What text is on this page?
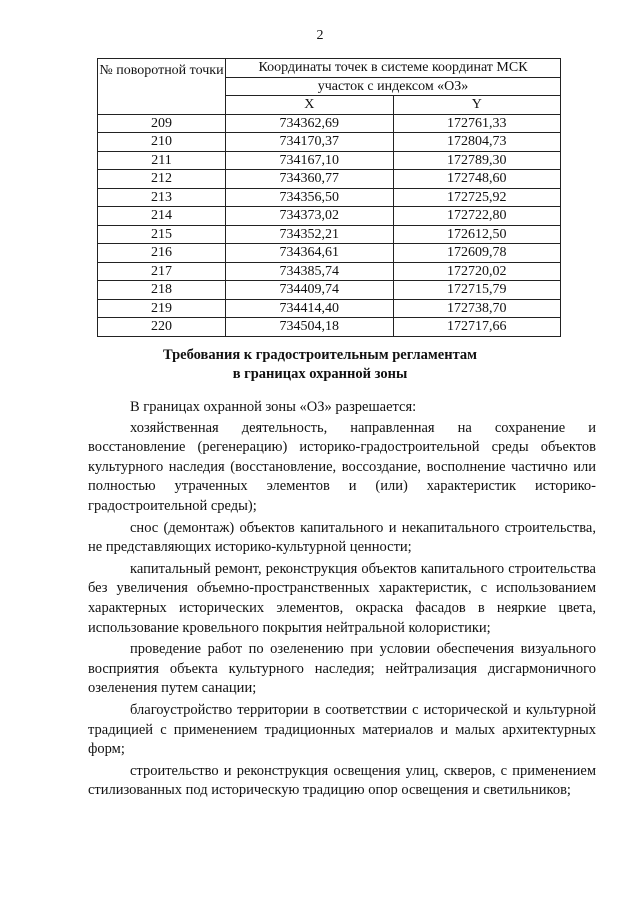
2
№ поворотной точки	Координаты точек в системе координат МСК	
	участок с индексом «ОЗ»	
	X	Y
209	734362,69	172761,33
210	734170,37	172804,73
211	734167,10	172789,30
212	734360,77	172748,60
213	734356,50	172725,92
214	734373,02	172722,80
215	734352,21	172612,50
216	734364,61	172609,78
217	734385,74	172720,02
218	734409,74	172715,79
219	734414,40	172738,70
220	734504,18	172717,66
Требования к градостроительным регламентам
в границах охранной зоны

В границах охранной зоны «ОЗ» разрешается:

хозяйственная деятельность, направленная на сохранение и восстановление (регенерацию) историко-градостроительной среды объектов культурного наследия (восстановление, воссоздание, восполнение частично или полностью утраченных элементов и (или) характеристик историко-градостроительной среды);

снос (демонтаж) объектов капитального и некапитального строительства, не представляющих историко-культурной ценности;

капитальный ремонт, реконструкция объектов капитального строительства без увеличения объемно-пространственных характеристик, с использованием характерных исторических элементов, окраска фасадов в неяркие цвета, использование кровельного покрытия нейтральной колористики;

проведение работ по озеленению при условии обеспечения визуального восприятия объекта культурного наследия; нейтрализация дисгармоничного озеленения путем санации;

благоустройство территории в соответствии с исторической и культурной традицией с применением традиционных материалов и малых архитектурных форм;

строительство и реконструкция освещения улиц, скверов, с применением стилизованных под историческую традицию опор освещения и светильников;
